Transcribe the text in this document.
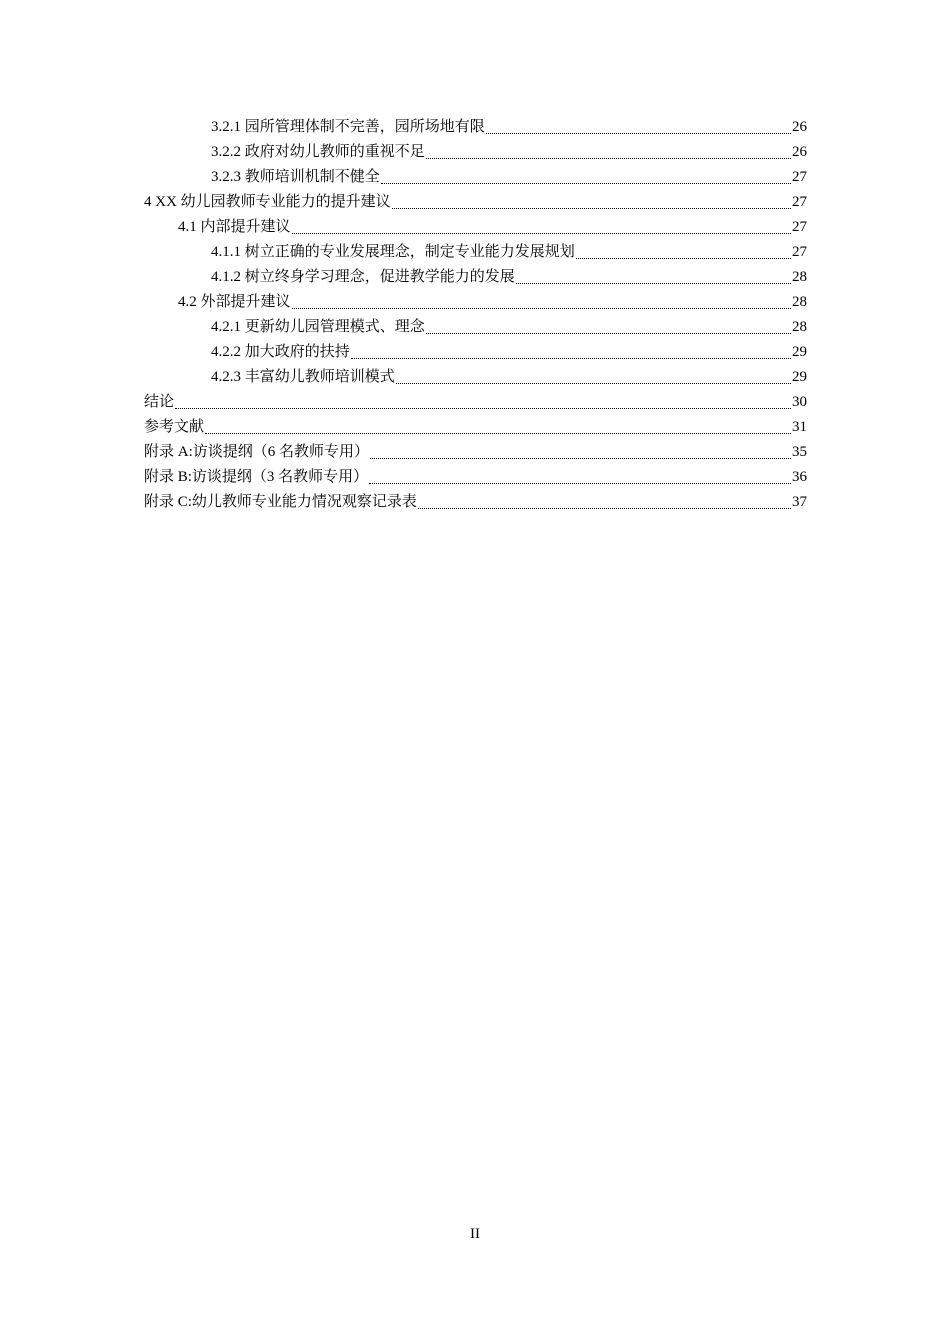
3.2.1 园所管理体制不完善，园所场地有限	26
3.2.2 政府对幼儿教师的重视不足	26
3.2.3 教师培训机制不健全	27
4 XX 幼儿园教师专业能力的提升建议	27
4.1 内部提升建议	27
4.1.1 树立正确的专业发展理念，制定专业能力发展规划	27
4.1.2 树立终身学习理念，促进教学能力的发展	28
4.2 外部提升建议	28
4.2.1 更新幼儿园管理模式、理念	28
4.2.2 加大政府的扶持	29
4.2.3 丰富幼儿教师培训模式	29
结论	30
参考文献	31
附录 A:访谈提纲（6 名教师专用）	35
附录 B:访谈提纲（3 名教师专用）	36
附录 C:幼儿教师专业能力情况观察记录表	37
II
